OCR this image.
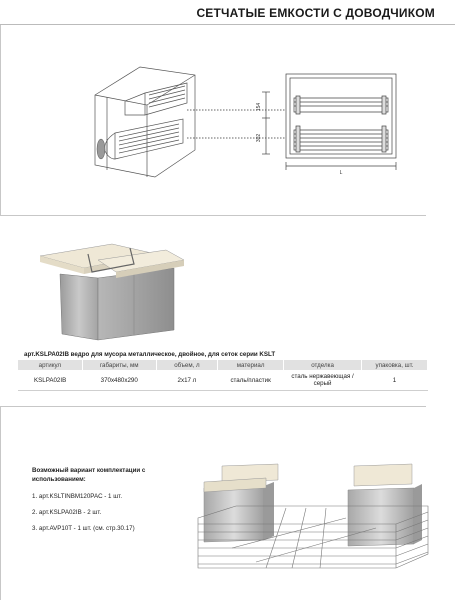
СЕТЧАТЫЕ ЕМКОСТИ С ДОВОДЧИКОМ
154
302
L
арт.KSLPA02IB ведро для мусора металлическое, двойное, для сеток серии KSLT
артикул	габариты, мм	объем, л	материал	отделка	упаковка, шт.
KSLPA02IB	370x480x290	2x17 л	сталь/пластик	сталь нержавеющая / серый	1
Возможный вариант комплектации с использованием:
1. арт.KSLTINBM120PAC - 1 шт.
2. арт.KSLPA02IB - 2 шт.
3. арт.AVP10T - 1 шт. (см. стр.30.17)
